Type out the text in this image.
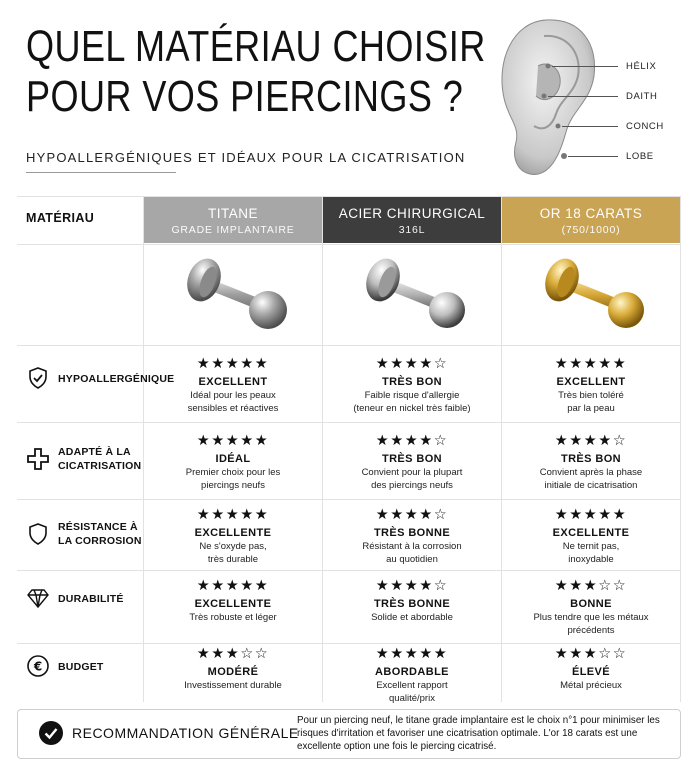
QUEL MATÉRIAU CHOISIR
POUR VOS PIERCINGS ?
HYPOALLERGÉNIQUES ET IDÉAUX POUR LA CICATRISATION
HÉLIX
DAITH
CONCH
LOBE
MATÉRIAU	TITANE
GRADE IMPLANTAIRE
ACIER CHIRURGICAL
316L
OR 18 CARATS
(750/1000)
€
HYPOALLERGÉNIQUE
ADAPTÉ À LA
CICATRISATION
RÉSISTANCE À
LA CORROSION
DURABILITÉ
BUDGET
★★★★★
EXCELLENT
Idéal pour les peaux
sensibles et réactives
★★★★☆
TRÈS BON
Faible risque d'allergie
(teneur en nickel très faible)
★★★★★
EXCELLENT
Très bien toléré
par la peau
★★★★★
IDÉAL
Premier choix pour les
piercings neufs
★★★★☆
TRÈS BON
Convient pour la plupart
des piercings neufs
★★★★☆
TRÈS BON
Convient après la phase
initiale de cicatrisation
★★★★★
EXCELLENTE
Ne s'oxyde pas,
très durable
★★★★☆
TRÈS BONNE
Résistant à la corrosion
au quotidien
★★★★★
EXCELLENTE
Ne ternit pas,
inoxydable
★★★★★
EXCELLENTE
Très robuste et léger
★★★★☆
TRÈS BONNE
Solide et abordable
★★★☆☆
BONNE
Plus tendre que les métaux
précédents
★★★☆☆
MODÉRÉ
Investissement durable
★★★★★
ABORDABLE
Excellent rapport
qualité/prix
★★★☆☆
ÉLEVÉ
Métal précieux
RECOMMANDATION GÉNÉRALE
Pour un piercing neuf, le titane grade implantaire est le choix n°1 pour minimiser les risques d'irritation et favoriser une cicatrisation optimale. L'or 18 carats est une excellente option une fois le piercing cicatrisé.
